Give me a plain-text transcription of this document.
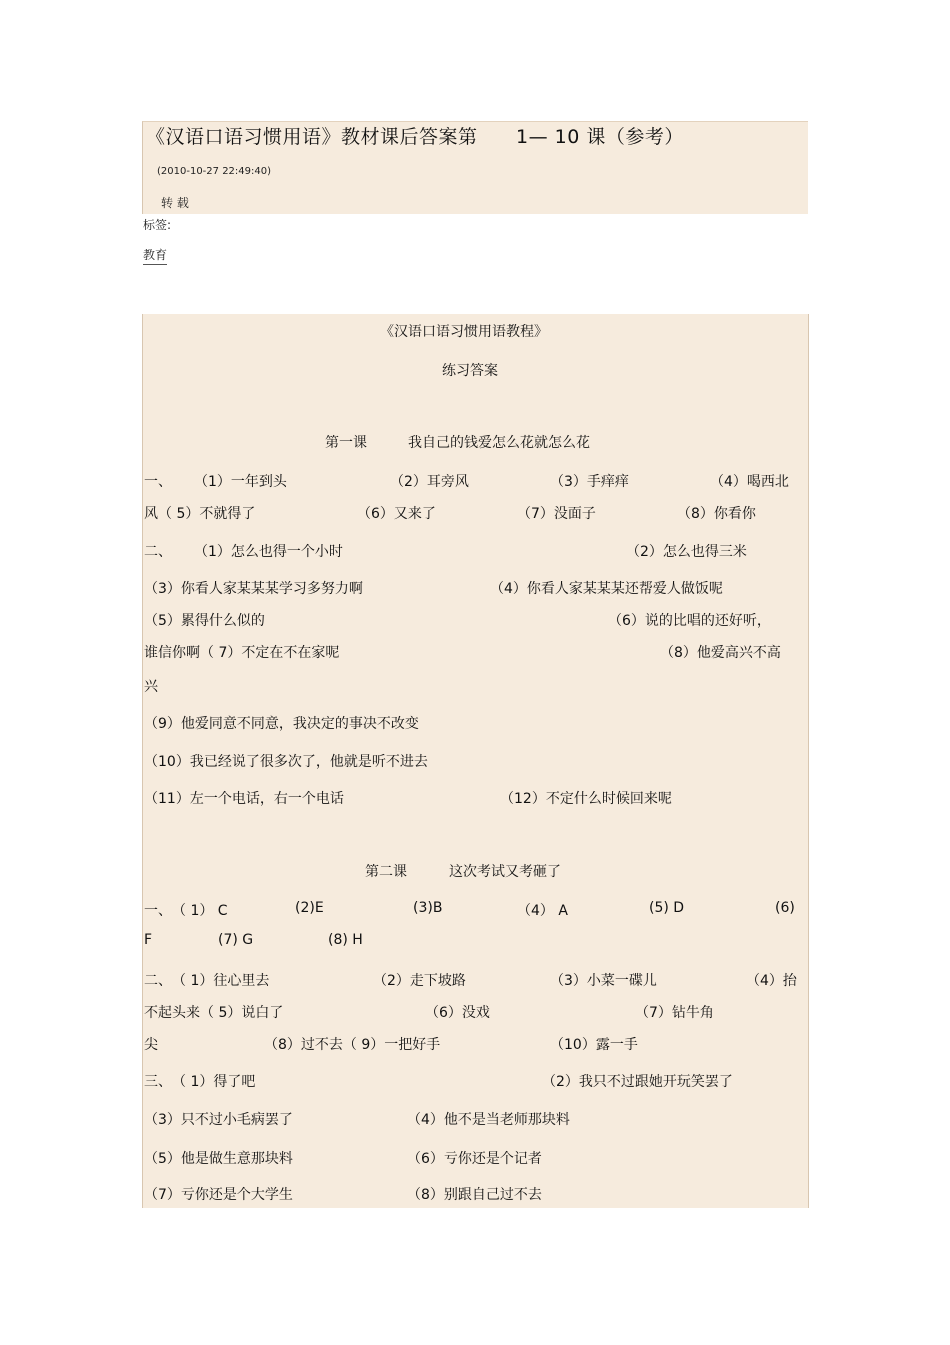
《汉语口语习惯用语》教材课后答案第 1— 10 课（参考）
(2010-10-27 22:49:40)
转 载
标签:
教育
《汉语口语习惯用语教程》
练习答案
第一课	我自己的钱爱怎么花就怎么花
一、 （1）一年到头	（2）耳旁风	（3）手痒痒	（4）喝西北
风（ 5）不就得了	（6）又来了	（7）没面子	（8）你看你
二、 （1）怎么也得一个小时	（2）怎么也得三米
（3）你看人家某某某学习多努力啊	（4）你看人家某某某还帮爱人做饭呢
（5）累得什么似的	（6）说的比唱的还好听，
谁信你啊（ 7）不定在不在家呢	（8）他爱高兴不高
兴
（9）他爱同意不同意，我决定的事决不改变
（10）我已经说了很多次了，他就是听不进去
（11）左一个电话，右一个电话	（12）不定什么时候回来呢
第二课	这次考试又考砸了
一、 （ 1） C	(2)E	(3)B	（4） A	(5) D	(6)
F	(7) G	(8) H
二、 （ 1）往心里去	（2）走下坡路	（3）小菜一碟儿	（4）抬
不起头来（ 5）说白了	（6）没戏	（7）钻牛角
尖	（8）过不去（ 9）一把好手	（10）露一手
三、 （ 1）得了吧	（2）我只不过跟她开玩笑罢了
（3）只不过小毛病罢了	（4）他不是当老师那块料
（5）他是做生意那块料	（6）亏你还是个记者
（7）亏你还是个大学生	（8）别跟自己过不去
